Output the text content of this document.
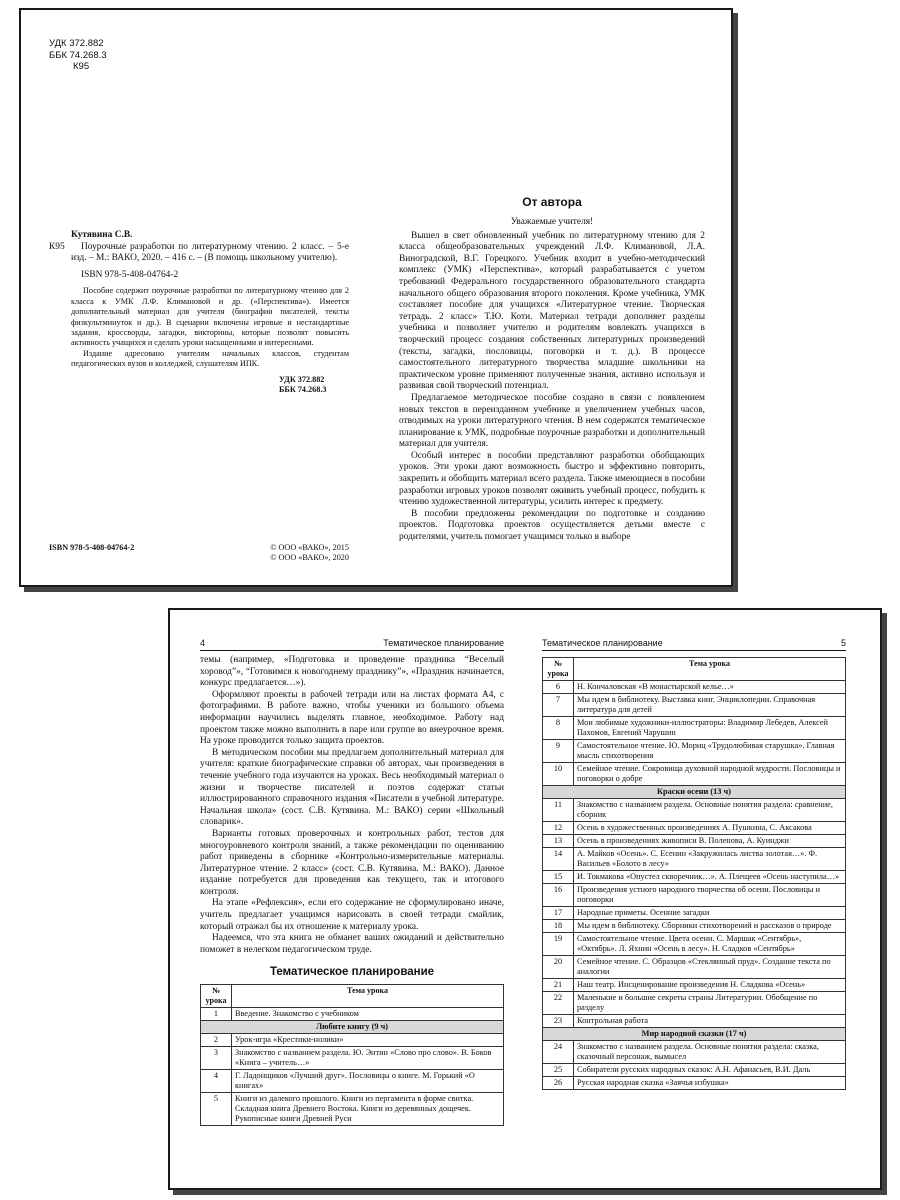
УДК 372.882
ББК 74.268.3
К95
Кутявина С.В.
К95	Поурочные разработки по литературному чтению. 2 класс. – 5-е изд. – М.: ВАКО, 2020. – 416 с. – (В помощь школьному учителю).
ISBN 978-5-408-04764-2
Пособие содержит поурочные разработки по литературному чтению для 2 класса к УМК Л.Ф. Климановой и др. («Перспектива»). Имеется дополнительный материал для учителя (биографии писателей, тексты физкультминуток и др.). В сценарии включены игровые и нестандартные задания, кроссворды, загадки, викторины, которые позволят повысить активность учащихся и сделать уроки насыщенными и интересными.
Издание адресовано учителям начальных классов, студентам педагогических вузов и колледжей, слушателям ИПК.
УДК 372.882
ББК 74.268.3
ISBN 978-5-408-04764-2	© ООО «ВАКО», 2015
© ООО «ВАКО», 2020
От автора
Уважаемые учителя!

Вышел в свет обновленный учебник по литературному чтению для 2 класса общеобразовательных учреждений Л.Ф. Климановой, Л.А. Виноградской, В.Г. Горецкого. Учебник входит в учебно-методический комплекс (УМК) «Перспектива», который разрабатывается с учетом требований Федерального государственного образовательного стандарта начального общего образования второго поколения. Кроме учебника, УМК составляет пособие для учащихся «Литературное чтение. Творческая тетрадь. 2 класс» Т.Ю. Коти. Материал тетради дополняет разделы учебника и позволяет учителю и родителям вовлекать учащихся в творческий процесс создания собственных литературных произведений (тексты, загадки, пословицы, поговорки и т. д.). В процессе самостоятельного литературного творчества младшие школьники на практическом уровне применяют полученные знания, активно используя и развивая свой творческий потенциал.

Предлагаемое методическое пособие создано в связи с появлением новых текстов в переизданном учебнике и увеличением учебных часов, отводимых на уроки литературного чтения. В нем содержатся тематическое планирование к УМК, подробные поурочные разработки и дополнительный материал для учителя.

Особый интерес в пособии представляют разработки обобщающих уроков. Эти уроки дают возможность быстро и эффективно повторить, закрепить и обобщить материал всего раздела. Также имеющиеся в пособии разработки игровых уроков позволят оживить учебный процесс, побудить к чтению художественной литературы, усилить интерес к предмету.

В пособии предложены рекомендации по подготовке и созданию проектов. Подготовка проектов осуществляется детьми вместе с родителями, учитель помогает учащимся только в выборе

4	Тематическое планирование

темы (например, «Подготовка и проведение праздника “Веселый хоровод”», “Готовимся к новогоднему празднику”», «Праздник начинается, конкурс предлагается…»).

Оформляют проекты в рабочей тетради или на листах формата А4, с фотографиями. В работе важно, чтобы ученики из большого объема информации научились выделять главное, необходимое. Работу над проектом также можно выполнить в паре или группе во внеурочное время. На уроке проводится только защита проектов.

В методическом пособии мы предлагаем дополнительный материал для учителя: краткие биографические справки об авторах, чьи произведения в течение учебного года изучаются на уроках. Весь необходимый материал о жизни и творчестве писателей и поэтов содержат статьи иллюстрированного справочного издания «Писатели в учебной литературе. Начальная школа» (сост. С.В. Кутявина. М.: ВАКО) серии «Школьный словарик».

Варианты готовых проверочных и контрольных работ, тестов для многоуровневого контроля знаний, а также рекомендации по оцениванию работ приведены в сборнике «Контрольно-измерительные материалы. Литературное чтение. 2 класс» (сост. С.В. Кутявина. М.: ВАКО). Данное издание потребуется для проведения как текущего, так и итогового контроля.

На этапе «Рефлексия», если его содержание не сформулировано иначе, учитель предлагает учащимся нарисовать в своей тетради смайлик, который отражал бы их отношение к материалу урока.

Надеемся, что эта книга не обманет ваших ожиданий и действительно поможет в нелегком педагогическом труде.

Тематическое планирование
№ урока	Тема урока
1	Введение. Знакомство с учебником
Любите книгу (9 ч)	
2	Урок-игра «Крестики-нолики»
3	Знакомство с названием раздела. Ю. Энтин «Слово про слово». В. Боков «Книга – учитель…»
4	Г. Ладонщиков «Лучший друг». Пословицы о книге. М. Горький «О книгах»
5	Книги из далекого прошлого. Книги из пергамента в форме свитка. Складная книга Древнего Востока. Книги из деревянных дощечек. Рукописные книги Древней Руси
Тематическое планирование	5
№ урока	Тема урока
6	Н. Кончаловская «В монастырской келье…»
7	Мы идем в библиотеку. Выставка книг. Энциклопедии. Справочная литература для детей
8	Мои любимые художники-иллюстраторы: Владимир Лебедев, Алексей Пахомов, Евгений Чарушин
9	Самостоятельное чтение. Ю. Мориц «Трудолюбивая старушка». Главная мысль стихотворения
10	Семейное чтение. Сокровища духовной народной мудрости. Пословицы и поговорки о добре
Краски осени (13 ч)	
11	Знакомство с названием раздела. Основные понятия раздела: сравнение, сборник
12	Осень в художественных произведениях А. Пушкина, С. Аксакова
13	Осень в произведениях живописи В. Поленова, А. Куинджи
14	А. Майков «Осень». С. Есенин «Закружилась листва золотая…». Ф. Васильев «Болото в лесу»
15	И. Токмакова «Опустел скворечник…». А. Плещеев «Осень наступила…»
16	Произведения устного народного творчества об осени. Пословицы и поговорки
17	Народные приметы. Осенние загадки
18	Мы идем в библиотеку. Сборники стихотворений и рассказов о природе
19	Самостоятельное чтение. Цвета осени. С. Маршак «Сентябрь», «Октябрь». Л. Яхнин «Осень в лесу». Н. Сладков «Сентябрь»
20	Семейное чтение. С. Образцов «Стеклянный пруд». Создание текста по аналогии
21	Наш театр. Инсценирование произведения Н. Сладкова «Осень»
22	Маленькие и большие секреты страны Литературии. Обобщение по разделу
23	Контрольная работа
Мир народной сказки (17 ч)	
24	Знакомство с названием раздела. Основные понятия раздела: сказка, сказочный персонаж, вымысел
25	Собиратели русских народных сказок: А.Н. Афанасьев, В.И. Даль
26	Русская народная сказка «Заячья избушка»
